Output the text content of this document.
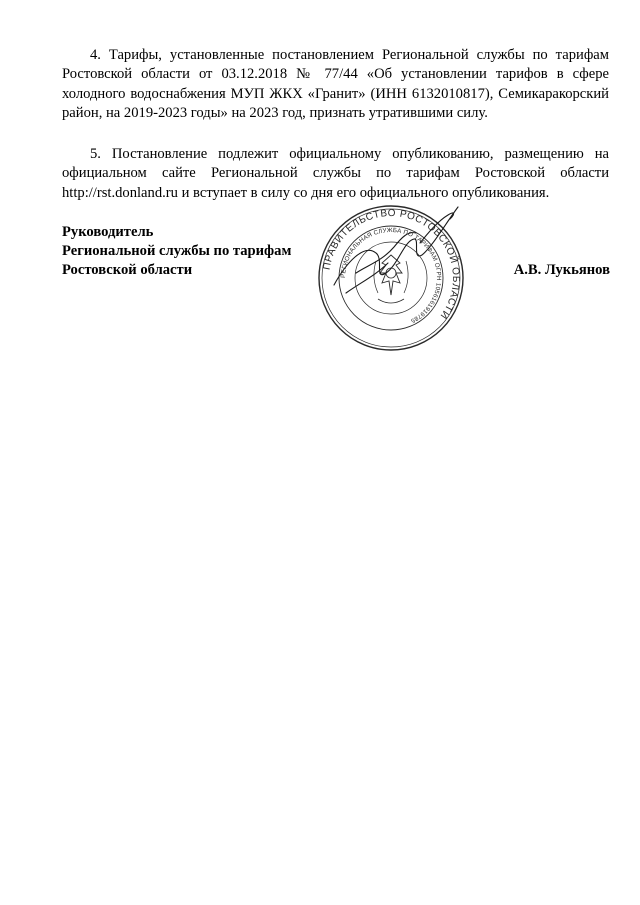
4. Тарифы, установленные постановлением Региональной службы по тарифам Ростовской области от 03.12.2018 № 77/44 «Об установлении тарифов в сфере холодного водоснабжения МУП ЖКХ «Гранит» (ИНН 6132010817), Семикаракорский район, на 2019-2023 годы» на 2023 год, признать утратившими силу.

5. Постановление подлежит официальному опубликованию, размещению на официальном сайте Региональной службы по тарифам Ростовской области http://rst.donland.ru и вступает в силу со дня его официального опубликования.

Руководитель
Региональной службы по тарифам
Ростовской области	А.В. Лукьянов
ПРАВИТЕЛЬСТВО РОСТОВСКОЙ ОБЛАСТИ
РЕГИОНАЛЬНАЯ СЛУЖБА ПО ТАРИФАМ ОГРН 1056161919785
